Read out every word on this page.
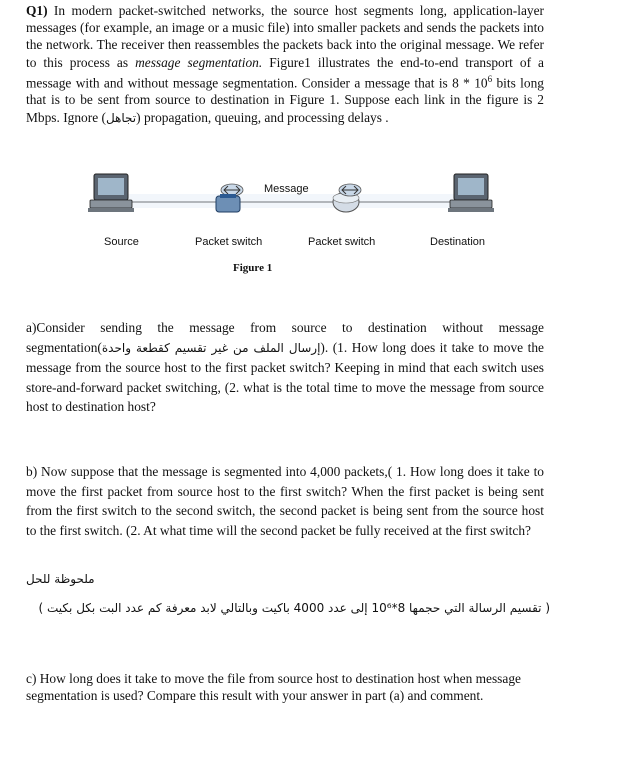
Q1) In modern packet-switched networks, the source host segments long, application-layer messages (for example, an image or a music file) into smaller packets and sends the packets into the network. The receiver then reassembles the packets back into the original message. We refer to this process as message segmentation. Figure1 illustrates the end-to-end transport of a message with and without message segmentation. Consider a message that is $8 * 10^6$ bits long that is to be sent from source to destination in Figure 1. Suppose each link in the figure is 2 Mbps. Ignore (تجاهل) propagation, queuing, and processing delays .
Message
Source	Packet switch	Packet switch	Destination
Figure 1
a)Consider sending the message from source to destination without message segmentation(إرسال الملف من غير تقسيم كقطعة واحدة). (1. How long does it take to move the message from the source host to the first packet switch? Keeping in mind that each switch uses store-and-forward packet switching, (2. what is the total time to move the message from source host to destination host?
b) Now suppose that the message is segmented into 4,000 packets,( 1. How long does it take to move the first packet from source host to the first switch? When the first packet is being sent from the first switch to the second switch, the second packet is being sent from the source host to the first switch. (2. At what time will the second packet be fully received at the first switch?
ملحوظة للحل
( تقسيم الرسالة التي حجمها 8*10⁶ إلى عدد 4000 باكيت وبالتالي لابد معرفة كم عدد البت بكل بكيت )
c) How long does it take to move the file from source host to destination host when message segmentation is used? Compare this result with your answer in part (a) and comment.
